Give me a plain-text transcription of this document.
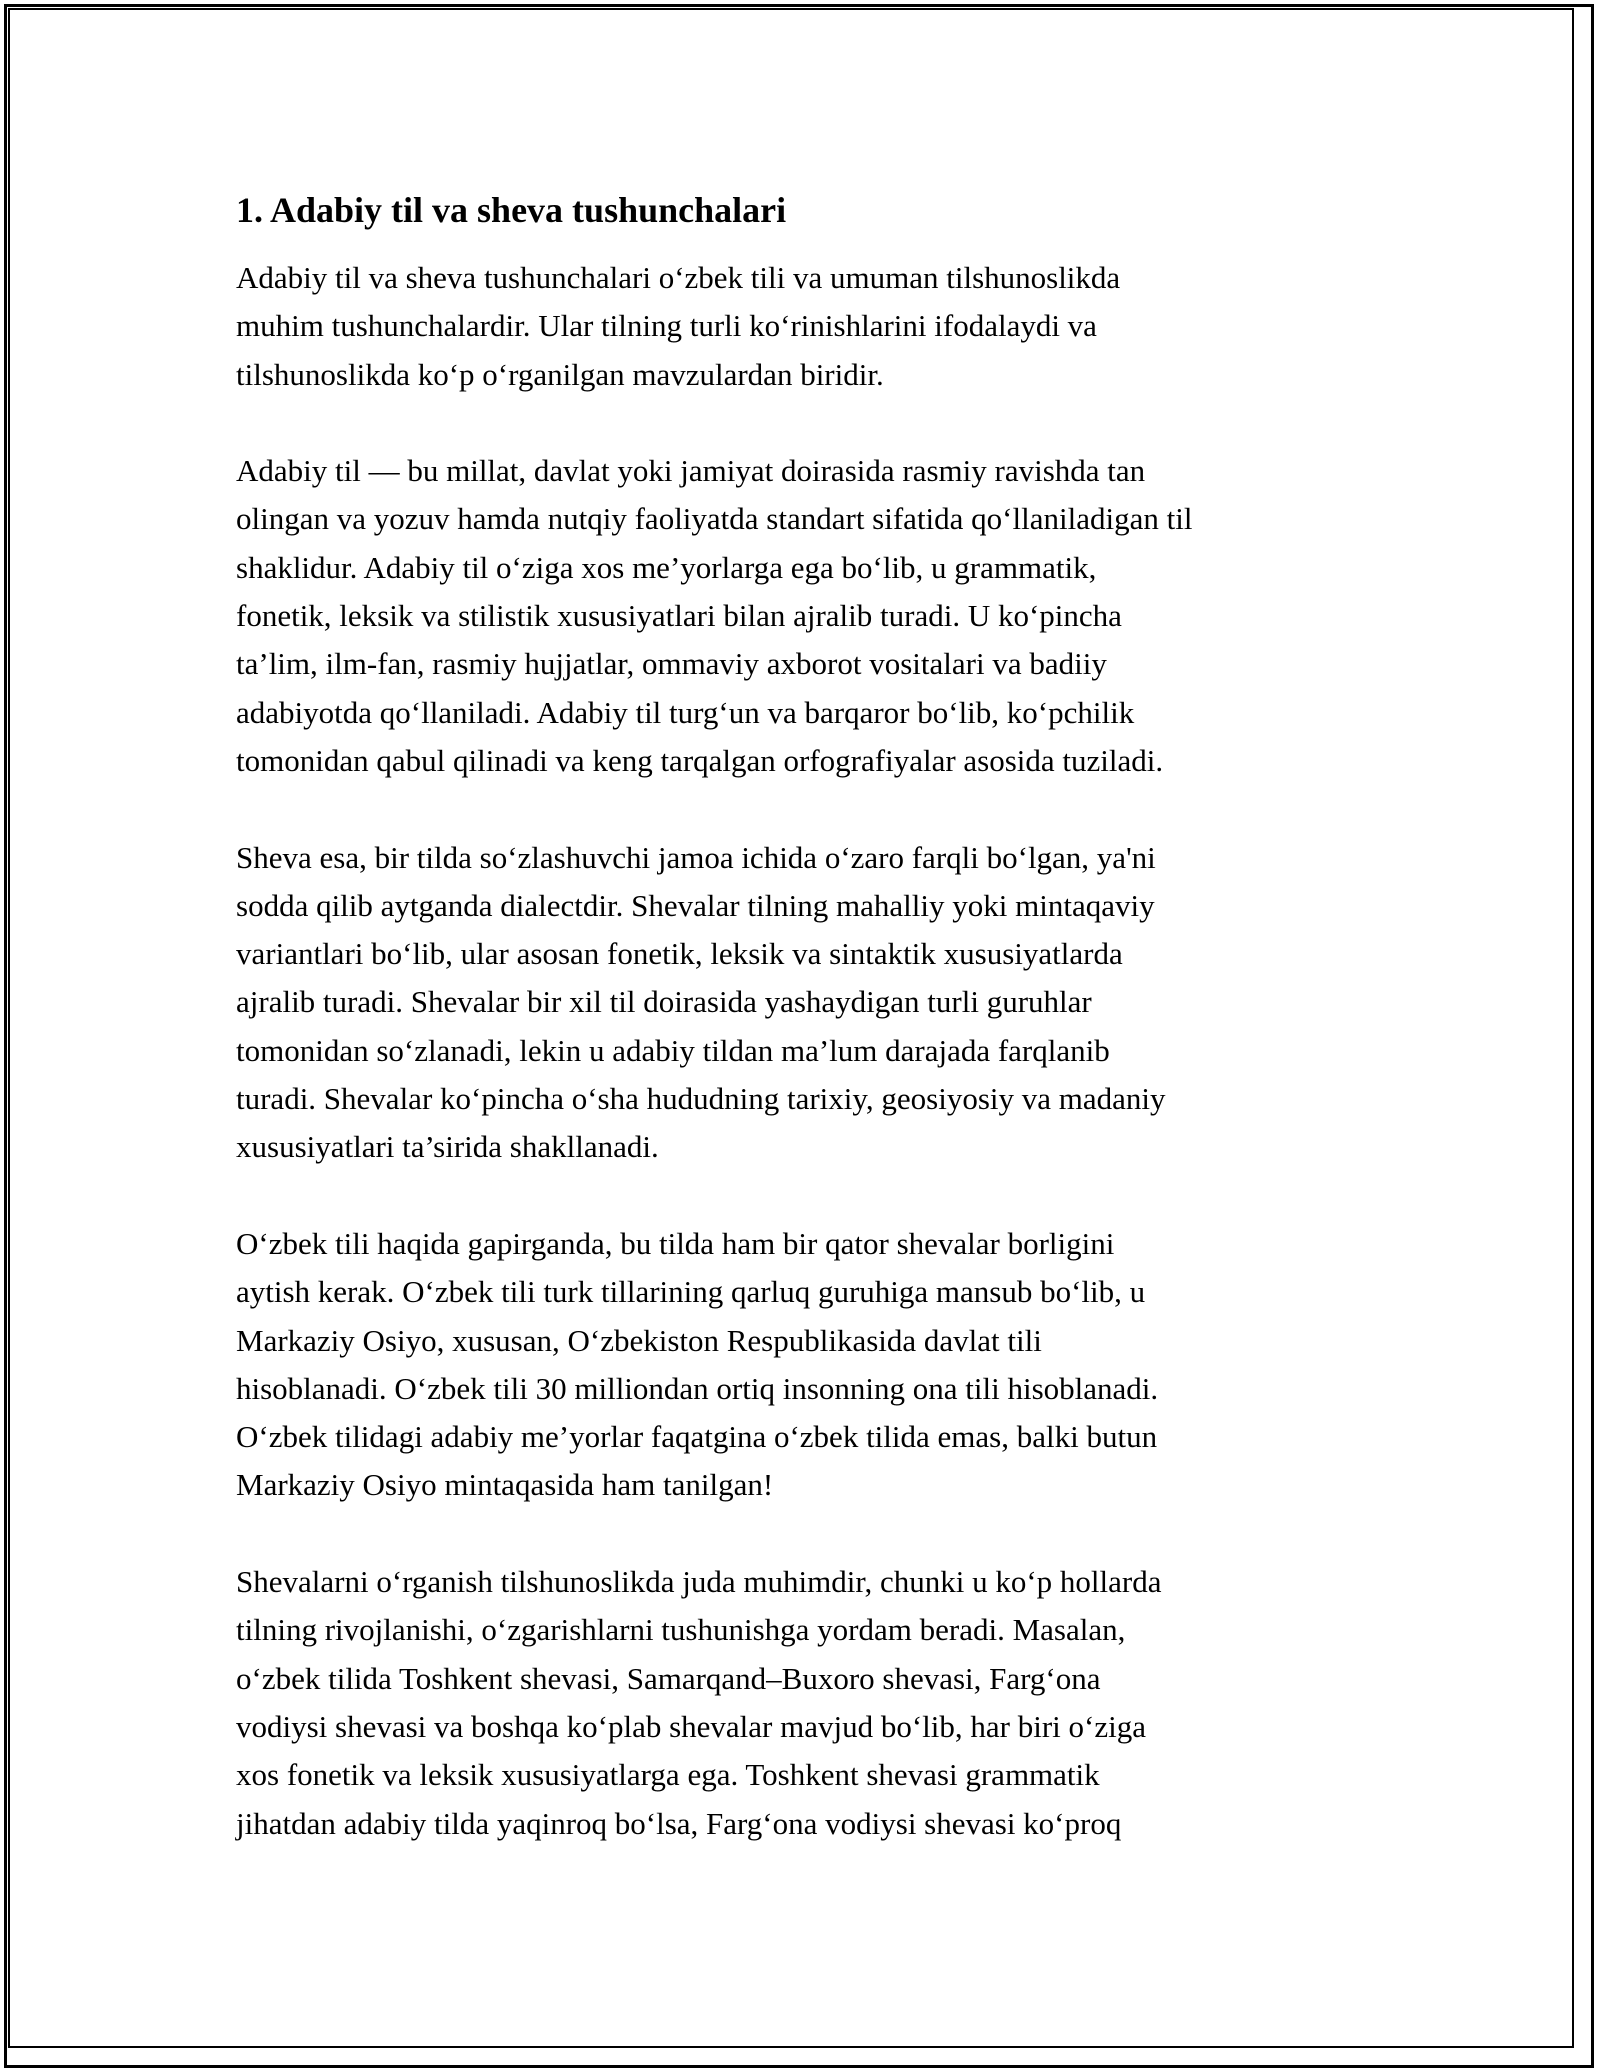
1. Adabiy til va sheva tushunchalari
Adabiy til va sheva tushunchalari o‘zbek tili va umuman tilshunoslikda
muhim tushunchalardir. Ular tilning turli ko‘rinishlarini ifodalaydi va
tilshunoslikda ko‘p o‘rganilgan mavzulardan biridir.
Adabiy til — bu millat, davlat yoki jamiyat doirasida rasmiy ravishda tan
olingan va yozuv hamda nutqiy faoliyatda standart sifatida qo‘llaniladigan til
shaklidur. Adabiy til o‘ziga xos me’yorlarga ega bo‘lib, u grammatik,
fonetik, leksik va stilistik xususiyatlari bilan ajralib turadi. U ko‘pincha
ta’lim, ilm-fan, rasmiy hujjatlar, ommaviy axborot vositalari va badiiy
adabiyotda qo‘llaniladi. Adabiy til turg‘un va barqaror bo‘lib, ko‘pchilik
tomonidan qabul qilinadi va keng tarqalgan orfografiyalar asosida tuziladi.
Sheva esa, bir tilda so‘zlashuvchi jamoa ichida o‘zaro farqli bo‘lgan, ya'ni
sodda qilib aytganda dialectdir. Shevalar tilning mahalliy yoki mintaqaviy
variantlari bo‘lib, ular asosan fonetik, leksik va sintaktik xususiyatlarda
ajralib turadi. Shevalar bir xil til doirasida yashaydigan turli guruhlar
tomonidan so‘zlanadi, lekin u adabiy tildan ma’lum darajada farqlanib
turadi. Shevalar ko‘pincha o‘sha hududning tarixiy, geosiyosiy va madaniy
xususiyatlari ta’sirida shakllanadi.
O‘zbek tili haqida gapirganda, bu tilda ham bir qator shevalar borligini
aytish kerak. O‘zbek tili turk tillarining qarluq guruhiga mansub bo‘lib, u
Markaziy Osiyo, xususan, O‘zbekiston Respublikasida davlat tili
hisoblanadi. O‘zbek tili 30 milliondan ortiq insonning ona tili hisoblanadi.
O‘zbek tilidagi adabiy me’yorlar faqatgina o‘zbek tilida emas, balki butun
Markaziy Osiyo mintaqasida ham tanilgan!
Shevalarni o‘rganish tilshunoslikda juda muhimdir, chunki u ko‘p hollarda
tilning rivojlanishi, o‘zgarishlarni tushunishga yordam beradi. Masalan,
o‘zbek tilida Toshkent shevasi, Samarqand–Buxoro shevasi, Farg‘ona
vodiysi shevasi va boshqa ko‘plab shevalar mavjud bo‘lib, har biri o‘ziga
xos fonetik va leksik xususiyatlarga ega. Toshkent shevasi grammatik
jihatdan adabiy tilda yaqinroq bo‘lsa, Farg‘ona vodiysi shevasi ko‘proq
